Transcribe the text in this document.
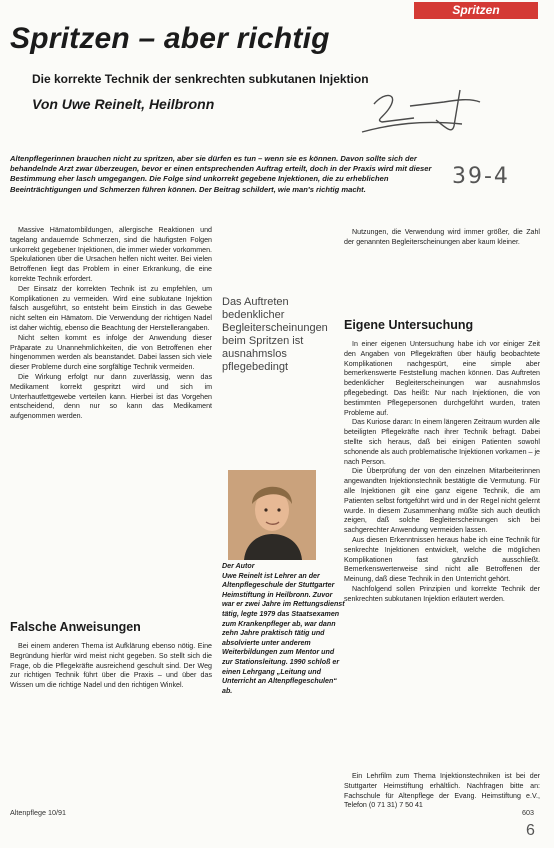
Spritzen
Spritzen – aber richtig
Die korrekte Technik der senkrechten subkutanen Injektion
Von Uwe Reinelt, Heilbronn
39-4
Altenpflegerinnen brauchen nicht zu spritzen, aber sie dürfen es tun – wenn sie es können. Davon sollte sich der behandelnde Arzt zwar überzeugen, bevor er einen entsprechenden Auftrag erteilt, doch in der Praxis wird mit dieser Bestimmung eher lasch umgegangen. Die Folge sind unkorrekt gegebene Injektionen, die zu erheblichen Beeinträchtigungen und Schmerzen führen können. Der Beitrag schildert, wie man's richtig macht.

Massive Hämatombildungen, allergische Reaktionen und tagelang andauernde Schmerzen, sind die häufigsten Folgen unkorrekt gegebener Injektionen, die immer wieder vorkommen. Spekulationen über die Ursachen helfen nicht weiter. Bei vielen Betroffenen liegt das Problem in einer Erkrankung, die eine korrekte Technik erfordert.

Der Einsatz der korrekten Technik ist zu empfehlen, um Komplikationen zu vermeiden. Wird eine subkutane Injektion falsch ausgeführt, so entsteht beim Einstich in das Gewebe nicht selten ein Hämatom. Die Verwendung der richtigen Nadel ist daher wichtig, ebenso die Beachtung der Herstellerangaben.

Nicht selten kommt es infolge der Anwendung dieser Präparate zu Unannehmlichkeiten, die von Betroffenen eher hingenommen werden als beanstandet. Dabei lassen sich viele dieser Probleme durch eine sorgfältige Technik vermeiden.

Die Wirkung erfolgt nur dann zuverlässig, wenn das Medikament korrekt gespritzt wird und sich im Unterhautfettgewebe verteilen kann. Hierbei ist das Vorgehen entscheidend, denn nur so kann das Medikament aufgenommen werden.

Falsche Anweisungen

Bei einem anderen Thema ist Aufklärung ebenso nötig. Eine Begründung hierfür wird meist nicht gegeben. So stellt sich die Frage, ob die Pflegekräfte ausreichend geschult sind. Der Weg zur richtigen Technik führt über die Praxis – und über das Wissen um die richtige Nadel und den richtigen Winkel.

Das Auftreten bedenklicher Begleiterscheinungen beim Spritzen ist ausnahmslos pflegebedingt
Der Autor
Uwe Reinelt ist Lehrer an der Altenpflegeschule der Stuttgarter Heimstiftung in Heilbronn. Zuvor war er zwei Jahre im Rettungsdienst tätig, legte 1979 das Staatsexamen zum Krankenpfleger ab, war dann zehn Jahre praktisch tätig und absolvierte unter anderem Weiterbildungen zum Mentor und zur Stationsleitung. 1990 schloß er einen Lehrgang „Leitung und Unterricht an Altenpflegeschulen“ ab.

Nutzungen, die Verwendung wird immer größer, die Zahl der genannten Begleiterscheinungen aber kaum kleiner.

Eigene Untersuchung

In einer eigenen Untersuchung habe ich vor einiger Zeit den Angaben von Pflegekräften über häufig beobachtete Komplikationen nachgespürt, eine simple aber bemerkenswerte Feststellung machen können. Das Auftreten bedenklicher Begleiterscheinungen war ausnahmslos pflegebedingt. Das heißt: Nur nach Injektionen, die von bestimmten Pflegepersonen durchgeführt wurden, traten Probleme auf.

Das Kuriose daran: In einem längeren Zeitraum wurden alle beteiligten Pflegekräfte nach ihrer Technik befragt. Dabei stellte sich heraus, daß bei einigen Patienten sowohl schonende als auch problematische Injektionen vorkamen – je nach Person.

Die Überprüfung der von den einzelnen Mitarbeiterinnen angewandten Injektionstechnik bestätigte die Vermutung. Für alle Injektionen gilt eine ganz eigene Technik, die am Patienten selbst fortgeführt wird und in der Regel nicht gelernt wurde. In diesem Zusammenhang müßte sich auch deutlich zeigen, daß solche Begleiterscheinungen sich bei sachgerechter Anwendung vermeiden lassen.

Aus diesen Erkenntnissen heraus habe ich eine Technik für senkrechte Injektionen entwickelt, welche die möglichen Komplikationen fast gänzlich ausschließt. Bemerkenswerterweise sind nicht alle Betroffenen der Meinung, daß diese Technik in den Unterricht gehört.

Nachfolgend sollen Prinzipien und korrekte Technik der senkrechten subkutanen Injektion erläutert werden.

Ein Lehrfilm zum Thema Injektionstechniken ist bei der Stuttgarter Heimstiftung erhältlich. Nachfragen bitte an: Fachschule für Altenpflege der Evang. Heimstiftung e.V., Telefon (0 71 31) 7 50 41

Altenpflege 10/91	603
6
